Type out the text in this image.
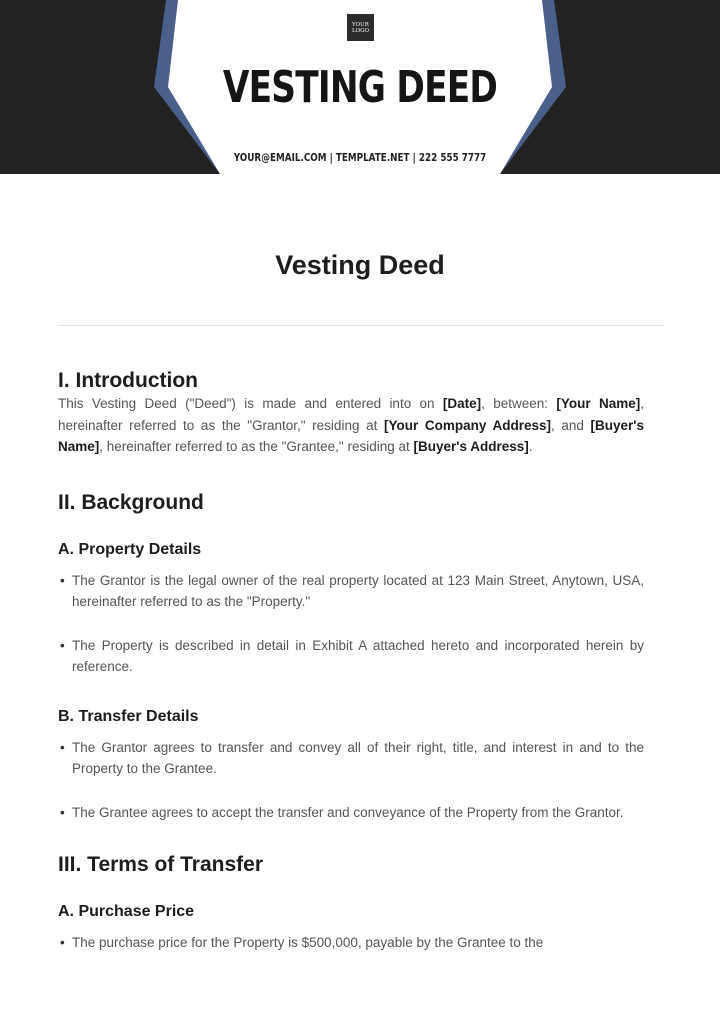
YOUR
LOGO
VESTING DEED
YOUR@EMAIL.COM | TEMPLATE.NET | 222 555 7777
Vesting Deed
I. Introduction

This Vesting Deed ("Deed") is made and entered into on [Date], between: [Your Name], hereinafter referred to as the "Grantor," residing at [Your Company Address], and [Buyer's Name], hereinafter referred to as the "Grantee," residing at [Buyer's Address].

II. Background
A. Property Details
• The Grantor is the legal owner of the real property located at 123 Main Street, Anytown, USA, hereinafter referred to as the "Property."
• The Property is described in detail in Exhibit A attached hereto and incorporated herein by reference.
B. Transfer Details
• The Grantor agrees to transfer and convey all of their right, title, and interest in and to the Property to the Grantee.
• The Grantee agrees to accept the transfer and conveyance of the Property from the Grantor.
III. Terms of Transfer
A. Purchase Price
• The purchase price for the Property is $500,000, payable by the Grantee to the
